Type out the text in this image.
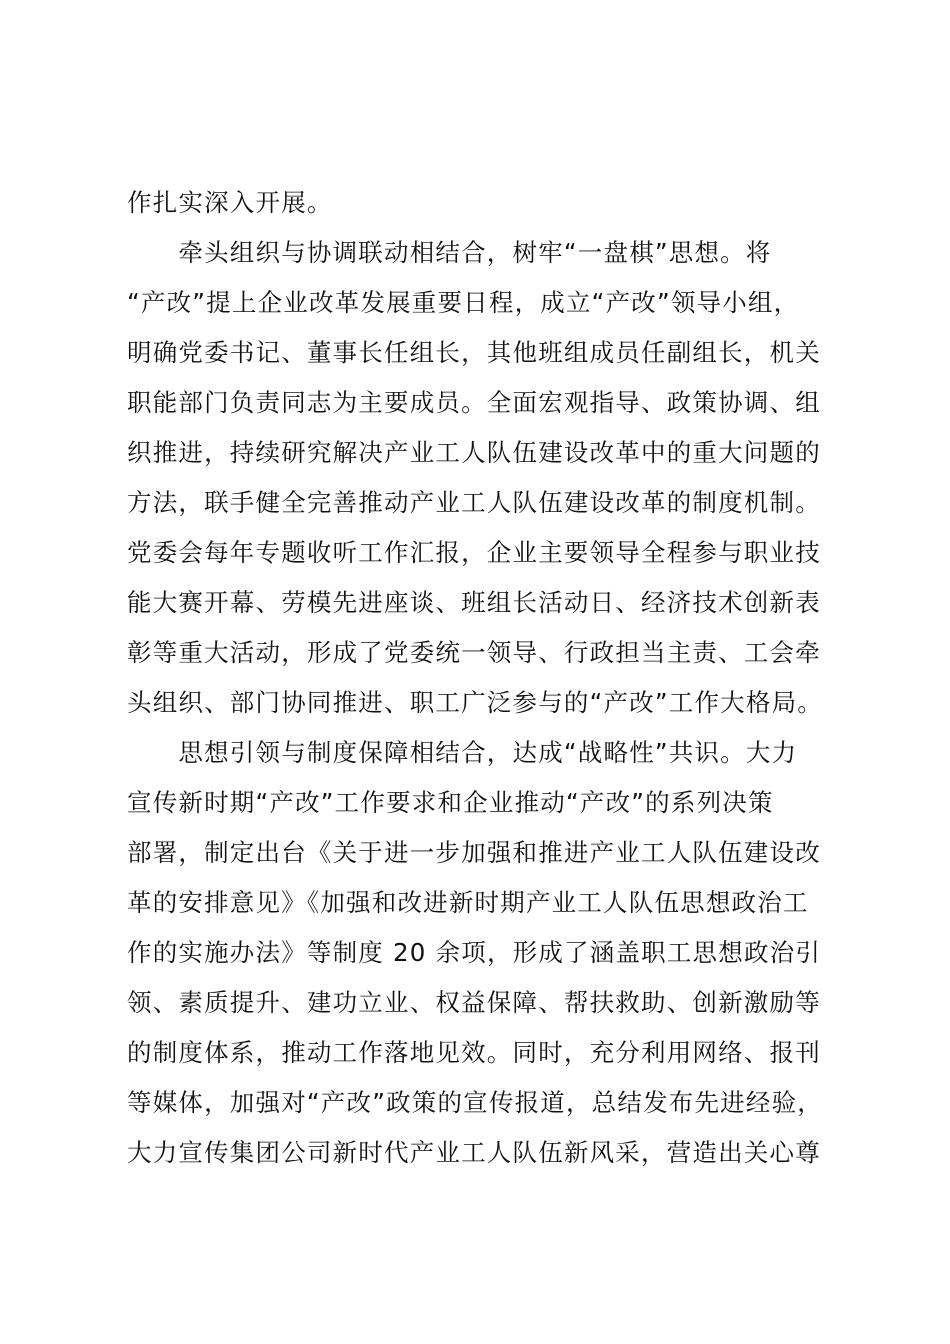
作扎实深入开展。
　　牵头组织与协调联动相结合，树牢“一盘棋”思想。将
“产改”提上企业改革发展重要日程，成立“产改”领导小组，
明确党委书记、董事长任组长，其他班组成员任副组长，机关
职能部门负责同志为主要成员。全面宏观指导、政策协调、组
织推进，持续研究解决产业工人队伍建设改革中的重大问题的
方法，联手健全完善推动产业工人队伍建设改革的制度机制。
党委会每年专题收听工作汇报，企业主要领导全程参与职业技
能大赛开幕、劳模先进座谈、班组长活动日、经济技术创新表
彰等重大活动，形成了党委统一领导、行政担当主责、工会牵
头组织、部门协同推进、职工广泛参与的“产改”工作大格局。
　　思想引领与制度保障相结合，达成“战略性”共识。大力
宣传新时期“产改”工作要求和企业推动“产改”的系列决策
部署，制定出台《关于进一步加强和推进产业工人队伍建设改
革的安排意见》《加强和改进新时期产业工人队伍思想政治工
作的实施办法》等制度 20 余项，形成了涵盖职工思想政治引
领、素质提升、建功立业、权益保障、帮扶救助、创新激励等
的制度体系，推动工作落地见效。同时，充分利用网络、报刊
等媒体，加强对“产改”政策的宣传报道，总结发布先进经验，
大力宣传集团公司新时代产业工人队伍新风采，营造出关心尊
